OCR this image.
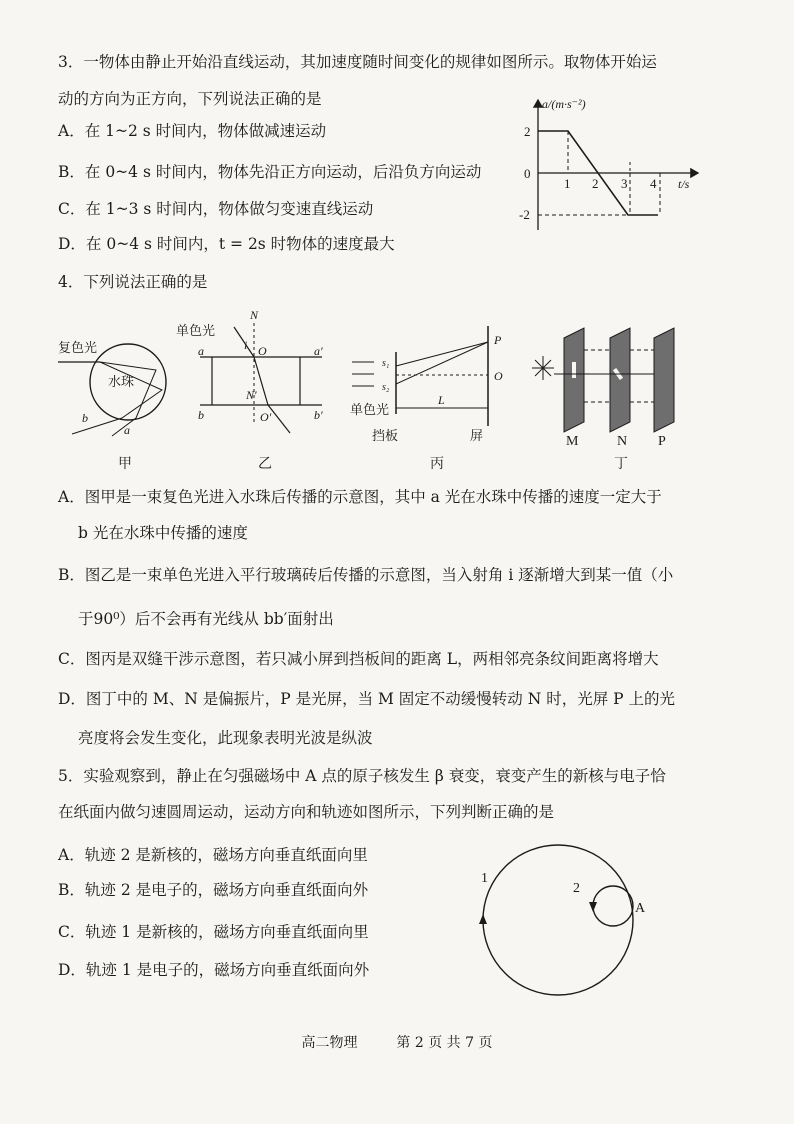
3．一物体由静止开始沿直线运动，其加速度随时间变化的规律如图所示。取物体开始运
动的方向为正方向，下列说法正确的是
A．在 1~2 s 时间内，物体做减速运动
B．在 0~4 s 时间内，物体先沿正方向运动，后沿负方向运动
C．在 1~3 s 时间内，物体做匀变速直线运动
D．在 0~4 s 时间内，t = 2s 时物体的速度最大
a/(m·s⁻²)
t/s
2
0
-2
1 2 3 4
4．下列说法正确的是
复色光
水珠
a
b
甲
单色光
N
i O
a	a′
N′
b	O′	b′
乙
P
s₁
s₂
O
单色光
L
挡板	屏
丙
M	N P
丁
A．图甲是一束复色光进入水珠后传播的示意图，其中 a 光在水珠中传播的速度一定大于
b 光在水珠中传播的速度
B．图乙是一束单色光进入平行玻璃砖后传播的示意图，当入射角 i 逐渐增大到某一值（小
于90⁰）后不会再有光线从 bb′面射出
C．图丙是双缝干涉示意图，若只减小屏到挡板间的距离 L，两相邻亮条纹间距离将增大
D．图丁中的 M、N 是偏振片，P 是光屏，当 M 固定不动缓慢转动 N 时，光屏 P 上的光
亮度将会发生变化，此现象表明光波是纵波
5．实验观察到，静止在匀强磁场中 A 点的原子核发生 β 衰变，衰变产生的新核与电子恰
在纸面内做匀速圆周运动，运动方向和轨迹如图所示，下列判断正确的是
A．轨迹 2 是新核的，磁场方向垂直纸面向里
B．轨迹 2 是电子的，磁场方向垂直纸面向外
C．轨迹 1 是新核的，磁场方向垂直纸面向里
D．轨迹 1 是电子的，磁场方向垂直纸面向外
1
2
A
高二物理	第 2 页 共 7 页
